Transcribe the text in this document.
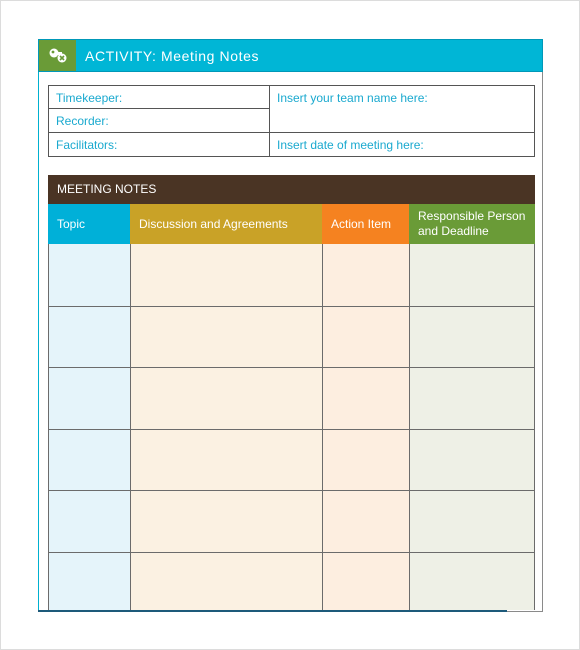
ACTIVITY: Meeting Notes
Timekeeper:
Recorder:
Facilitators:
Insert your team name here:
Insert date of meeting here:
MEETING NOTES
Topic	Discussion and Agreements	Action Item
Responsible Person and Deadline
